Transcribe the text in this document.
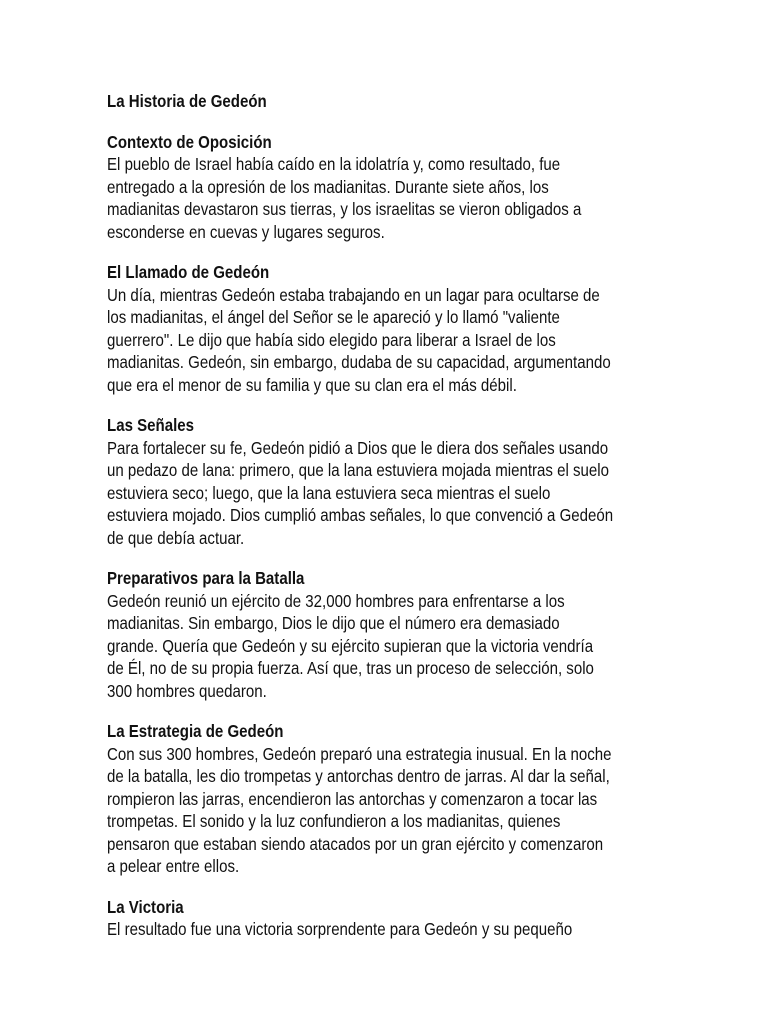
La Historia de Gedeón
Contexto de Oposición
El pueblo de Israel había caído en la idolatría y, como resultado, fue
entregado a la opresión de los madianitas. Durante siete años, los
madianitas devastaron sus tierras, y los israelitas se vieron obligados a
esconderse en cuevas y lugares seguros.
El Llamado de Gedeón
Un día, mientras Gedeón estaba trabajando en un lagar para ocultarse de
los madianitas, el ángel del Señor se le apareció y lo llamó "valiente
guerrero". Le dijo que había sido elegido para liberar a Israel de los
madianitas. Gedeón, sin embargo, dudaba de su capacidad, argumentando
que era el menor de su familia y que su clan era el más débil.
Las Señales
Para fortalecer su fe, Gedeón pidió a Dios que le diera dos señales usando
un pedazo de lana: primero, que la lana estuviera mojada mientras el suelo
estuviera seco; luego, que la lana estuviera seca mientras el suelo
estuviera mojado. Dios cumplió ambas señales, lo que convenció a Gedeón
de que debía actuar.
Preparativos para la Batalla
Gedeón reunió un ejército de 32,000 hombres para enfrentarse a los
madianitas. Sin embargo, Dios le dijo que el número era demasiado
grande. Quería que Gedeón y su ejército supieran que la victoria vendría
de Él, no de su propia fuerza. Así que, tras un proceso de selección, solo
300 hombres quedaron.
La Estrategia de Gedeón
Con sus 300 hombres, Gedeón preparó una estrategia inusual. En la noche
de la batalla, les dio trompetas y antorchas dentro de jarras. Al dar la señal,
rompieron las jarras, encendieron las antorchas y comenzaron a tocar las
trompetas. El sonido y la luz confundieron a los madianitas, quienes
pensaron que estaban siendo atacados por un gran ejército y comenzaron
a pelear entre ellos.
La Victoria
El resultado fue una victoria sorprendente para Gedeón y su pequeño
